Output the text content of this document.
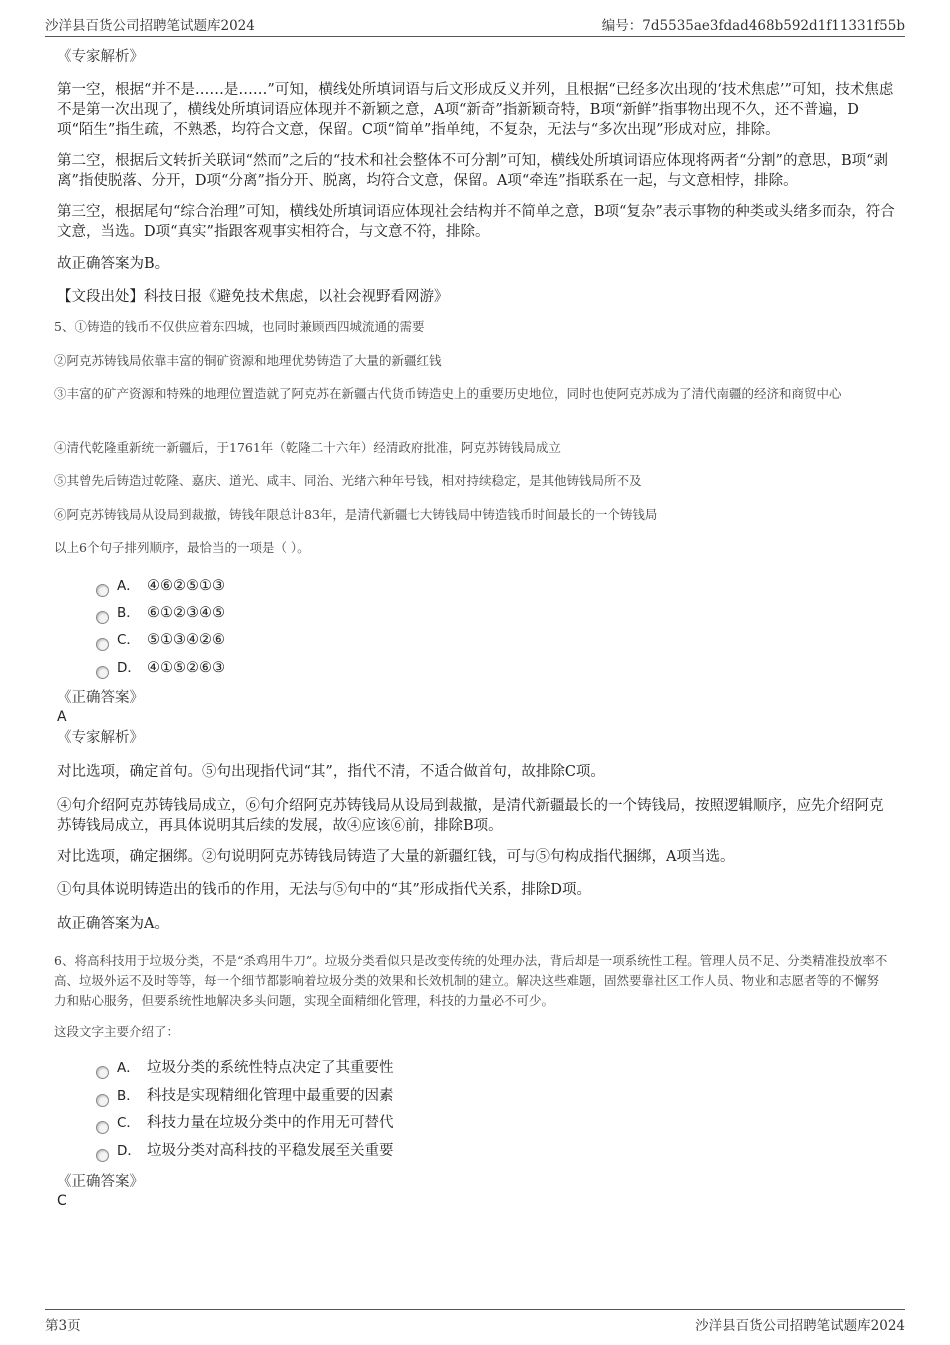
沙洋县百货公司招聘笔试题库2024	编号：7d5535ae3fdad468b592d1f11331f55b
《专家解析》
第一空，根据“并不是……是……”可知，横线处所填词语与后文形成反义并列，且根据“已经多次出现的‘技术焦虑’”可知，技术焦虑不是第一次出现了，横线处所填词语应体现并不新颖之意，A项“新奇”指新颖奇特，B项“新鲜”指事物出现不久，还不普遍，D项“陌生”指生疏，不熟悉，均符合文意，保留。C项“简单”指单纯，不复杂，无法与“多次出现”形成对应，排除。
第二空，根据后文转折关联词“然而”之后的“技术和社会整体不可分割”可知，横线处所填词语应体现将两者“分割”的意思，B项“剥离”指使脱落、分开，D项“分离”指分开、脱离，均符合文意，保留。A项“牵连”指联系在一起，与文意相悖，排除。
第三空，根据尾句“综合治理”可知，横线处所填词语应体现社会结构并不简单之意，B项“复杂”表示事物的种类或头绪多而杂，符合文意，当选。D项“真实”指跟客观事实相符合，与文意不符，排除。
故正确答案为B。
【文段出处】科技日报《避免技术焦虑，以社会视野看网游》
5、①铸造的钱币不仅供应着东四城，也同时兼顾西四城流通的需要
②阿克苏铸钱局依靠丰富的铜矿资源和地理优势铸造了大量的新疆红钱
③丰富的矿产资源和特殊的地理位置造就了阿克苏在新疆古代货币铸造史上的重要历史地位，同时也使阿克苏成为了清代南疆的经济和商贸中心
④清代乾隆重新统一新疆后，于1761年（乾隆二十六年）经清政府批准，阿克苏铸钱局成立
⑤其曾先后铸造过乾隆、嘉庆、道光、咸丰、同治、光绪六种年号钱，相对持续稳定，是其他铸钱局所不及
⑥阿克苏铸钱局从设局到裁撤，铸钱年限总计83年，是清代新疆七大铸钱局中铸造钱币时间最长的一个铸钱局
以上6个句子排列顺序，最恰当的一项是（ ）。
A． ④⑥②⑤①③
B． ⑥①②③④⑤
C． ⑤①③④②⑥
D． ④①⑤②⑥③
《正确答案》
A
《专家解析》
对比选项，确定首句。⑤句出现指代词“其”，指代不清，不适合做首句，故排除C项。
④句介绍阿克苏铸钱局成立，⑥句介绍阿克苏铸钱局从设局到裁撤，是清代新疆最长的一个铸钱局，按照逻辑顺序，应先介绍阿克苏铸钱局成立，再具体说明其后续的发展，故④应该⑥前，排除B项。
对比选项，确定捆绑。②句说明阿克苏铸钱局铸造了大量的新疆红钱，可与⑤句构成指代捆绑，A项当选。
①句具体说明铸造出的钱币的作用，无法与⑤句中的“其”形成指代关系，排除D项。
故正确答案为A。
6、将高科技用于垃圾分类，不是“杀鸡用牛刀”。垃圾分类看似只是改变传统的处理办法，背后却是一项系统性工程。管理人员不足、分类精准投放率不高、垃圾外运不及时等等，每一个细节都影响着垃圾分类的效果和长效机制的建立。解决这些难题，固然要靠社区工作人员、物业和志愿者等的不懈努力和贴心服务，但要系统性地解决多头问题，实现全面精细化管理，科技的力量必不可少。
这段文字主要介绍了：
A． 垃圾分类的系统性特点决定了其重要性
B． 科技是实现精细化管理中最重要的因素
C． 科技力量在垃圾分类中的作用无可替代
D． 垃圾分类对高科技的平稳发展至关重要
《正确答案》
C
第3页	沙洋县百货公司招聘笔试题库2024
